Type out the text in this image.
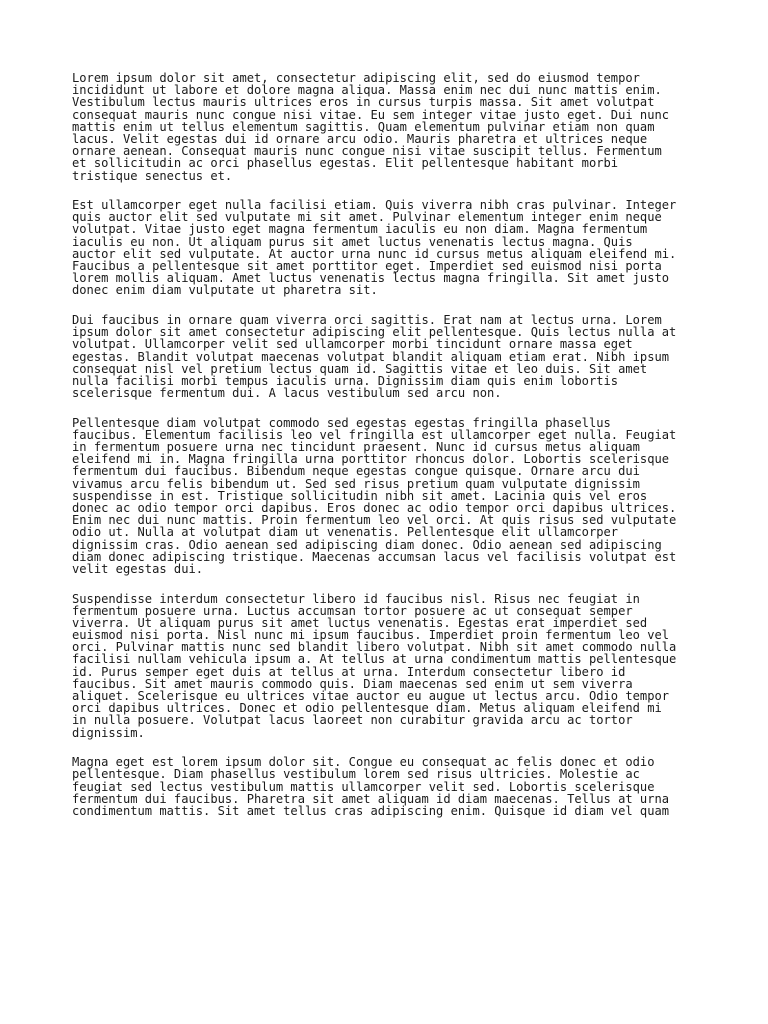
Lorem ipsum dolor sit amet, consectetur adipiscing elit, sed do eiusmod tempor
incididunt ut labore et dolore magna aliqua. Massa enim nec dui nunc mattis enim.
Vestibulum lectus mauris ultrices eros in cursus turpis massa. Sit amet volutpat
consequat mauris nunc congue nisi vitae. Eu sem integer vitae justo eget. Dui nunc
mattis enim ut tellus elementum sagittis. Quam elementum pulvinar etiam non quam
lacus. Velit egestas dui id ornare arcu odio. Mauris pharetra et ultrices neque
ornare aenean. Consequat mauris nunc congue nisi vitae suscipit tellus. Fermentum
et sollicitudin ac orci phasellus egestas. Elit pellentesque habitant morbi
tristique senectus et.

Est ullamcorper eget nulla facilisi etiam. Quis viverra nibh cras pulvinar. Integer
quis auctor elit sed vulputate mi sit amet. Pulvinar elementum integer enim neque
volutpat. Vitae justo eget magna fermentum iaculis eu non diam. Magna fermentum
iaculis eu non. Ut aliquam purus sit amet luctus venenatis lectus magna. Quis
auctor elit sed vulputate. At auctor urna nunc id cursus metus aliquam eleifend mi.
Faucibus a pellentesque sit amet porttitor eget. Imperdiet sed euismod nisi porta
lorem mollis aliquam. Amet luctus venenatis lectus magna fringilla. Sit amet justo
donec enim diam vulputate ut pharetra sit.

Dui faucibus in ornare quam viverra orci sagittis. Erat nam at lectus urna. Lorem
ipsum dolor sit amet consectetur adipiscing elit pellentesque. Quis lectus nulla at
volutpat. Ullamcorper velit sed ullamcorper morbi tincidunt ornare massa eget
egestas. Blandit volutpat maecenas volutpat blandit aliquam etiam erat. Nibh ipsum
consequat nisl vel pretium lectus quam id. Sagittis vitae et leo duis. Sit amet
nulla facilisi morbi tempus iaculis urna. Dignissim diam quis enim lobortis
scelerisque fermentum dui. A lacus vestibulum sed arcu non.

Pellentesque diam volutpat commodo sed egestas egestas fringilla phasellus
faucibus. Elementum facilisis leo vel fringilla est ullamcorper eget nulla. Feugiat
in fermentum posuere urna nec tincidunt praesent. Nunc id cursus metus aliquam
eleifend mi in. Magna fringilla urna porttitor rhoncus dolor. Lobortis scelerisque
fermentum dui faucibus. Bibendum neque egestas congue quisque. Ornare arcu dui
vivamus arcu felis bibendum ut. Sed sed risus pretium quam vulputate dignissim
suspendisse in est. Tristique sollicitudin nibh sit amet. Lacinia quis vel eros
donec ac odio tempor orci dapibus. Eros donec ac odio tempor orci dapibus ultrices.
Enim nec dui nunc mattis. Proin fermentum leo vel orci. At quis risus sed vulputate
odio ut. Nulla at volutpat diam ut venenatis. Pellentesque elit ullamcorper
dignissim cras. Odio aenean sed adipiscing diam donec. Odio aenean sed adipiscing
diam donec adipiscing tristique. Maecenas accumsan lacus vel facilisis volutpat est
velit egestas dui.

Suspendisse interdum consectetur libero id faucibus nisl. Risus nec feugiat in
fermentum posuere urna. Luctus accumsan tortor posuere ac ut consequat semper
viverra. Ut aliquam purus sit amet luctus venenatis. Egestas erat imperdiet sed
euismod nisi porta. Nisl nunc mi ipsum faucibus. Imperdiet proin fermentum leo vel
orci. Pulvinar mattis nunc sed blandit libero volutpat. Nibh sit amet commodo nulla
facilisi nullam vehicula ipsum a. At tellus at urna condimentum mattis pellentesque
id. Purus semper eget duis at tellus at urna. Interdum consectetur libero id
faucibus. Sit amet mauris commodo quis. Diam maecenas sed enim ut sem viverra
aliquet. Scelerisque eu ultrices vitae auctor eu augue ut lectus arcu. Odio tempor
orci dapibus ultrices. Donec et odio pellentesque diam. Metus aliquam eleifend mi
in nulla posuere. Volutpat lacus laoreet non curabitur gravida arcu ac tortor
dignissim.

Magna eget est lorem ipsum dolor sit. Congue eu consequat ac felis donec et odio
pellentesque. Diam phasellus vestibulum lorem sed risus ultricies. Molestie ac
feugiat sed lectus vestibulum mattis ullamcorper velit sed. Lobortis scelerisque
fermentum dui faucibus. Pharetra sit amet aliquam id diam maecenas. Tellus at urna
condimentum mattis. Sit amet tellus cras adipiscing enim. Quisque id diam vel quam
